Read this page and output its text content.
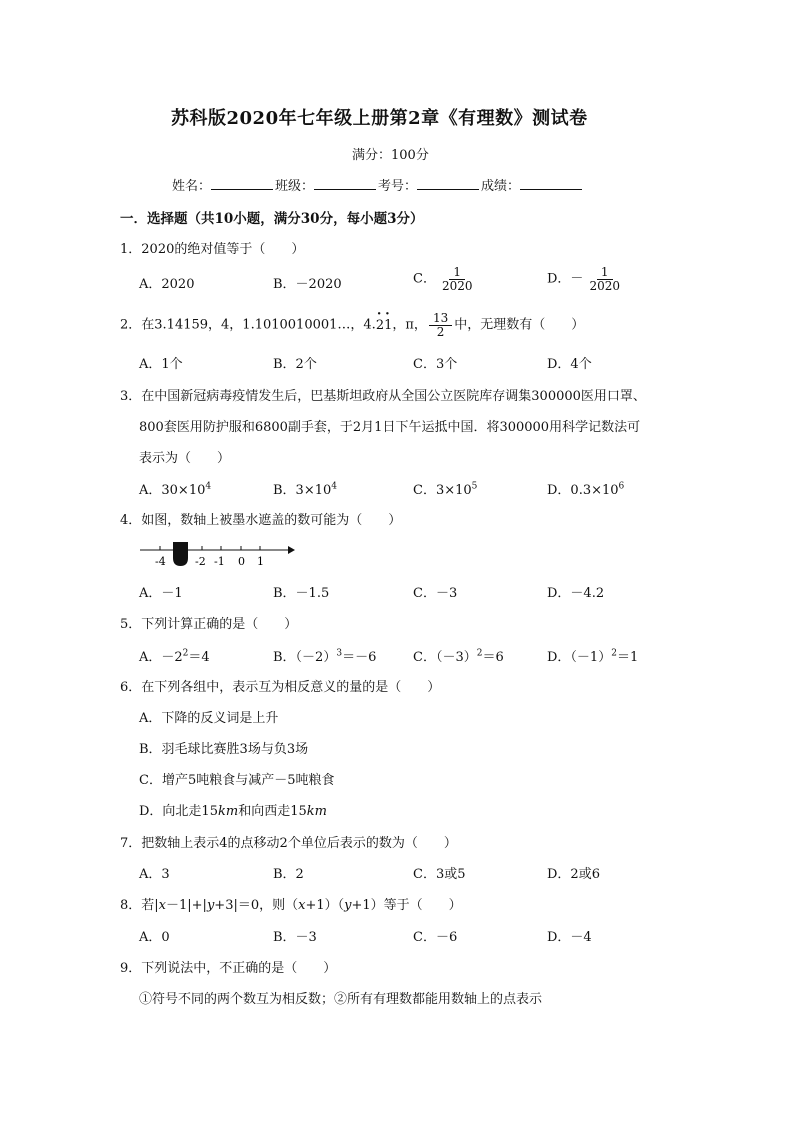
苏科版2020年七年级上册第2章《有理数》测试卷
满分：100分
姓名：	班级：	考号：	成绩：
一．选择题（共10小题，满分30分，每小题3分）
1．2020的绝对值等于（　　）
A．2020	B．－2020	C． $\frac{1}{2020}$	D．－ $\frac{1}{2020}$
2．在3.14159，4，1.1010010001…，4.· 2· 1，π， $\frac{13}{2}$ 中，无理数有（　　）
A．1个	B．2个	C．3个	D．4个
3．在中国新冠病毒疫情发生后，巴基斯坦政府从全国公立医院库存调集300000医用口罩、
800套医用防护服和6800副手套，于2月1日下午运抵中国．将300000用科学记数法可
表示为（　　）
A．$30\times 10^4$	B．$3\times 10^4$	C．$3\times 10^5$	D．$0.3\times 10^6$
4．如图，数轴上被墨水遮盖的数可能为（　　）
-4	-2 -1 0 1
A．－1	B．－1.5	C．－3	D．－4.2
5．下列计算正确的是（　　）
A．$-2^2=4$	B．$(-2)^3=-6$	C．$(-3)^2=6$	D．$(-1)^2=1$
6．在下列各组中，表示互为相反意义的量的是（　　）
A．下降的反义词是上升
B．羽毛球比赛胜3场与负3场
C．增产5吨粮食与减产－5吨粮食
D．向北走15km和向西走15km
7．把数轴上表示4的点移动2个单位后表示的数为（　　）
A．3	B．2	C．3或5	D．2或6
8．若|x－1|+|y+3|＝0，则（x+1）（y+1）等于（　　）
A．0	B．－3	C．－6	D．－4
9．下列说法中，不正确的是（　　）
①符号不同的两个数互为相反数；②所有有理数都能用数轴上的点表示
